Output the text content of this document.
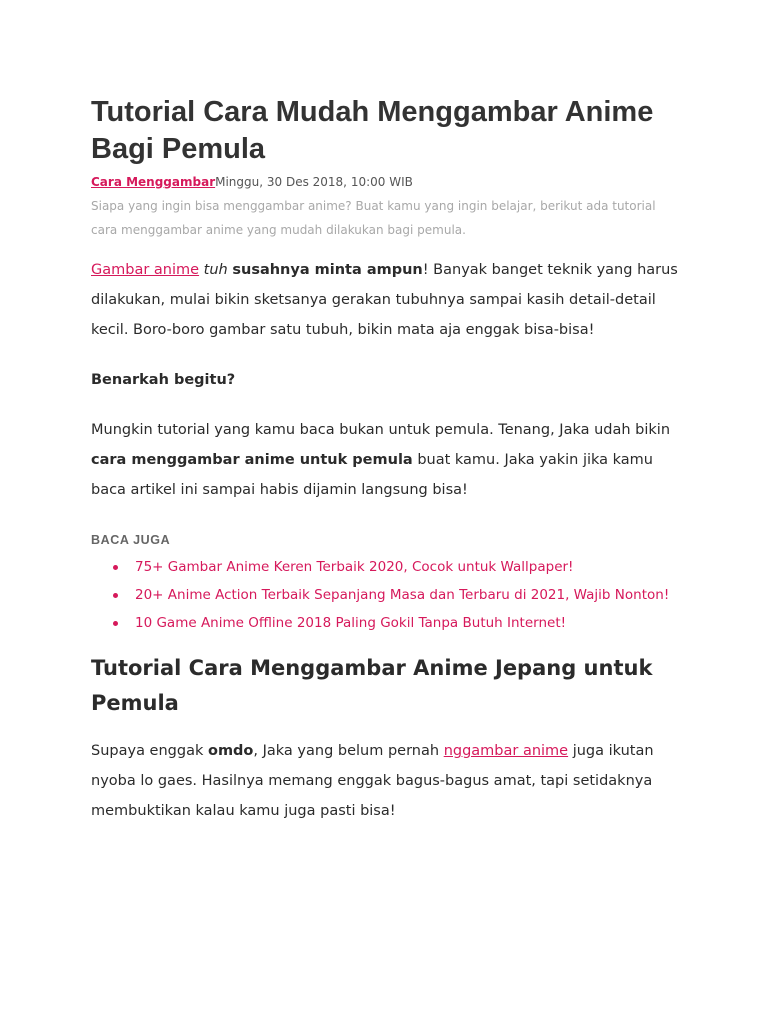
Tutorial Cara Mudah Menggambar Anime Bagi Pemula
Cara MenggambarMinggu, 30 Des 2018, 10:00 WIB

Siapa yang ingin bisa menggambar anime? Buat kamu yang ingin belajar, berikut ada tutorial cara menggambar anime yang mudah dilakukan bagi pemula.

Gambar anime tuh susahnya minta ampun! Banyak banget teknik yang harus dilakukan, mulai bikin sketsanya gerakan tubuhnya sampai kasih detail-detail kecil. Boro-boro gambar satu tubuh, bikin mata aja enggak bisa-bisa!

Benarkah begitu?

Mungkin tutorial yang kamu baca bukan untuk pemula. Tenang, Jaka udah bikin cara menggambar anime untuk pemula buat kamu. Jaka yakin jika kamu baca artikel ini sampai habis dijamin langsung bisa!

BACA JUGA
75+ Gambar Anime Keren Terbaik 2020, Cocok untuk Wallpaper!
20+ Anime Action Terbaik Sepanjang Masa dan Terbaru di 2021, Wajib Nonton!
10 Game Anime Offline 2018 Paling Gokil Tanpa Butuh Internet!
Tutorial Cara Menggambar Anime Jepang untuk Pemula

Supaya enggak omdo, Jaka yang belum pernah nggambar anime juga ikutan nyoba lo gaes. Hasilnya memang enggak bagus-bagus amat, tapi setidaknya membuktikan kalau kamu juga pasti bisa!
